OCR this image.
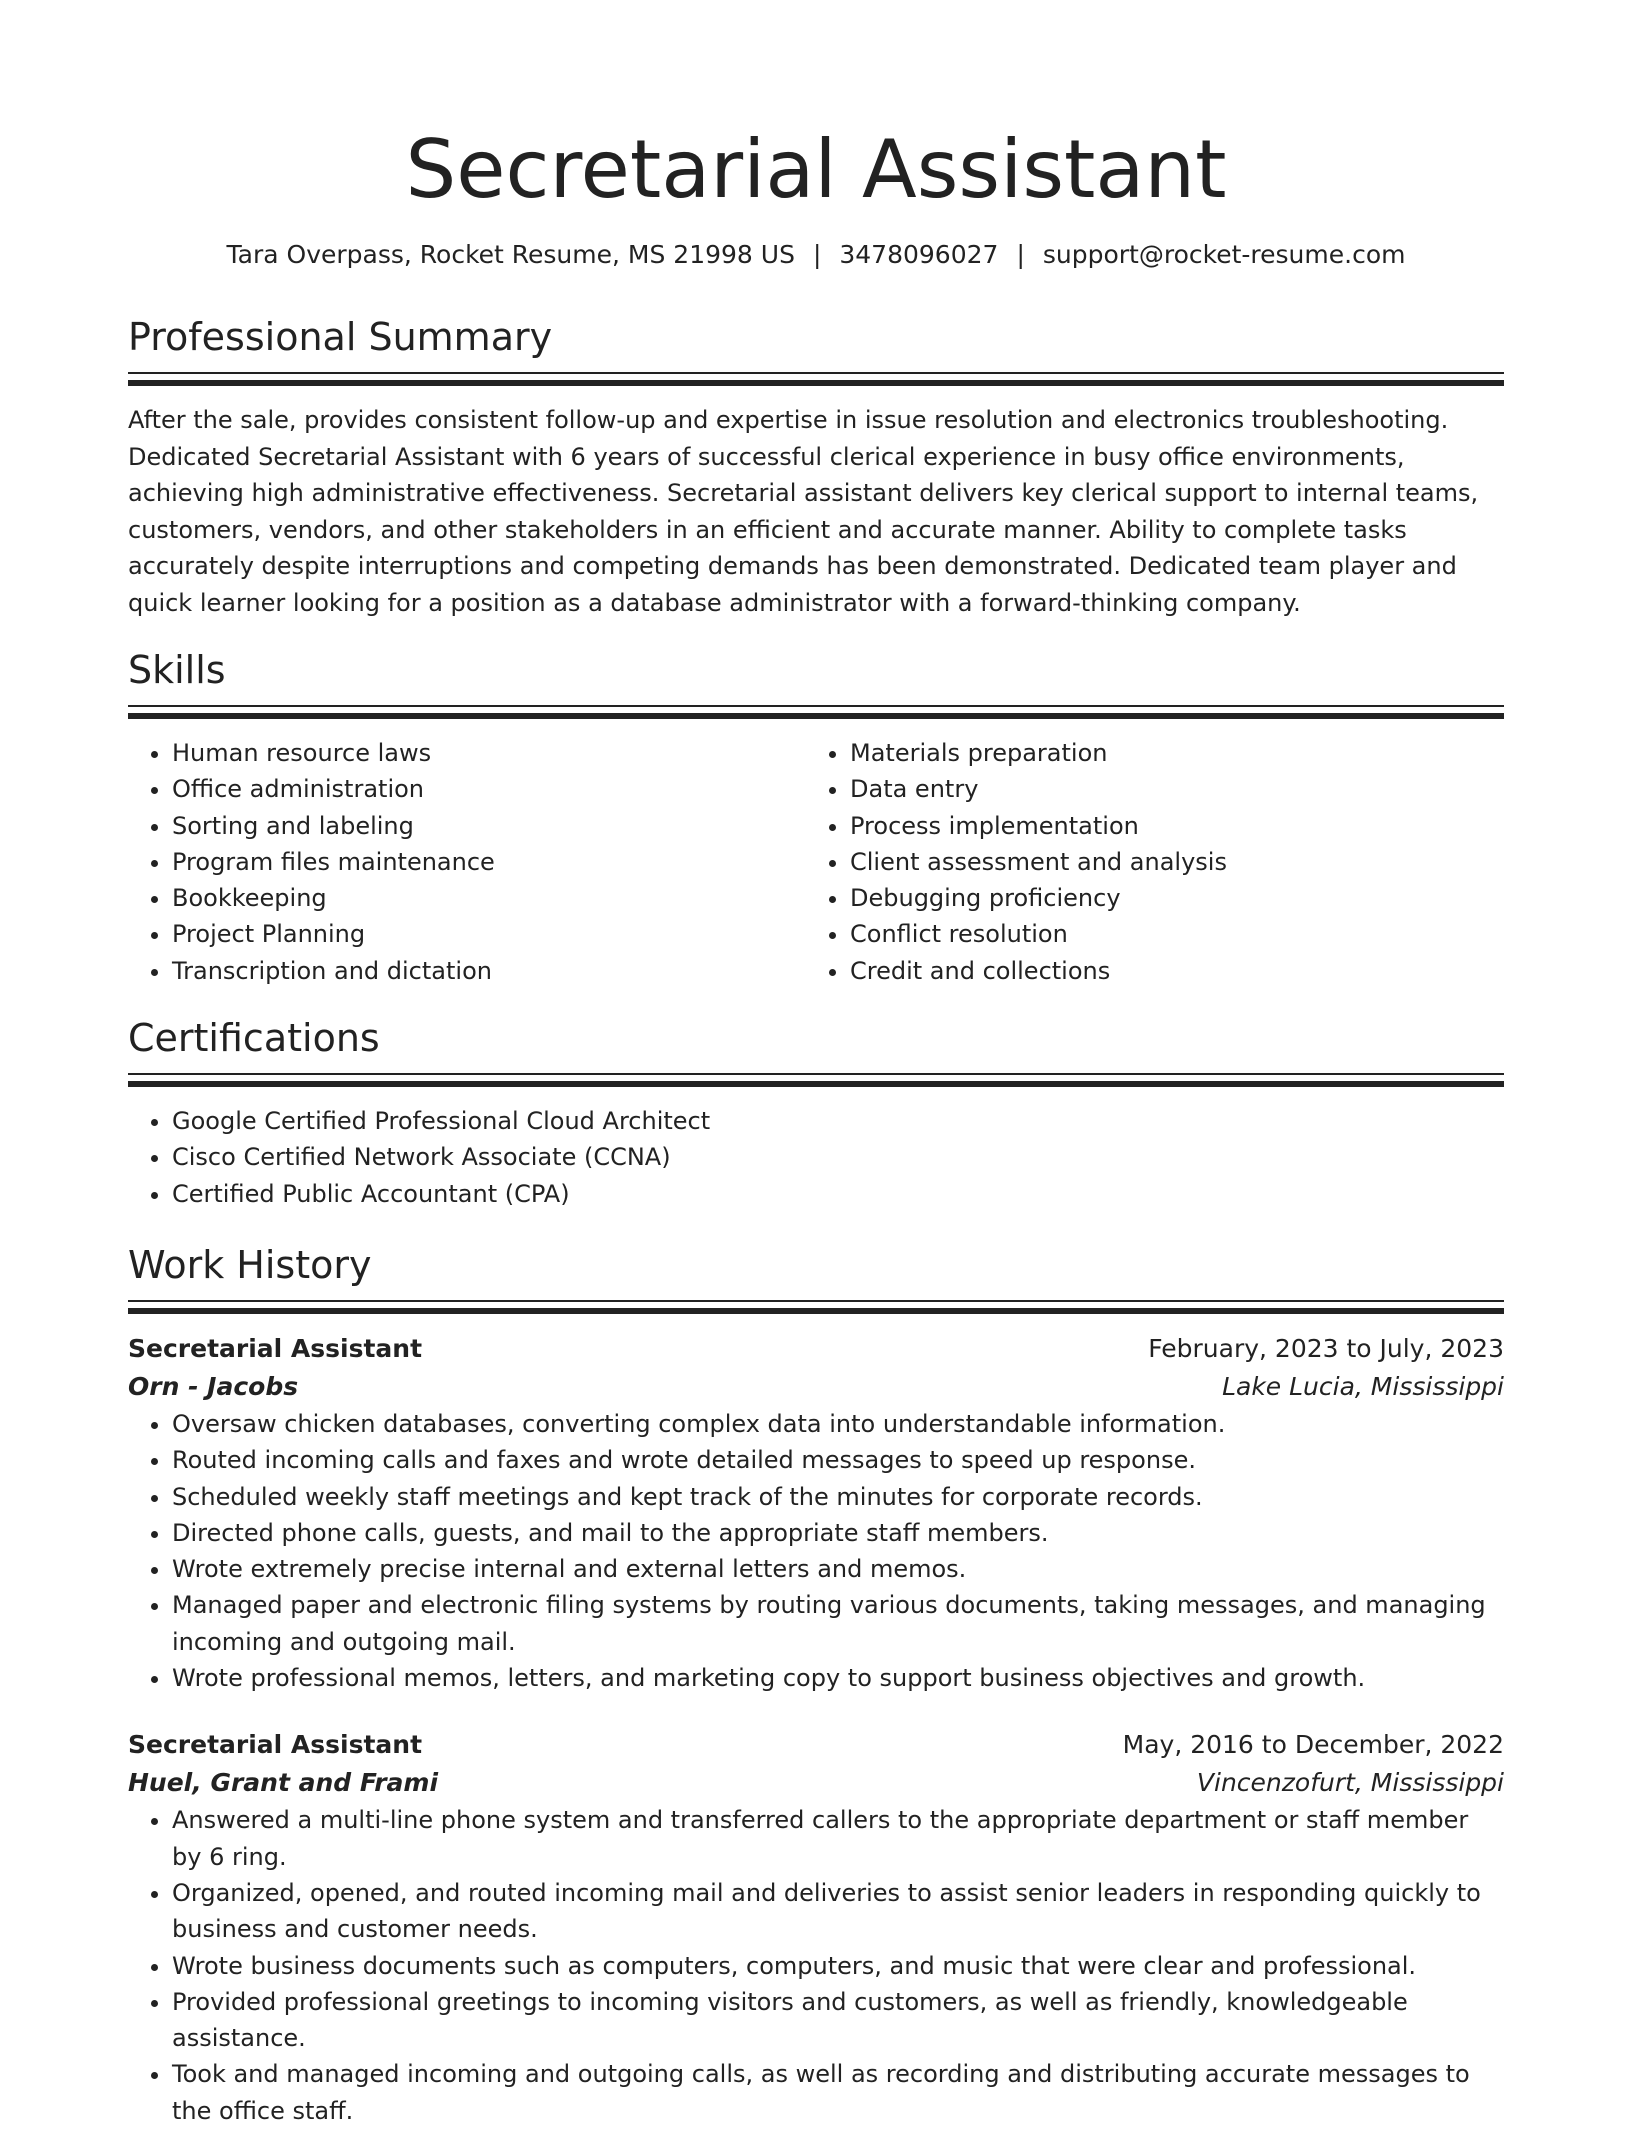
Secretarial Assistant
Tara Overpass, Rocket Resume, MS 21998 US | 3478096027 | support@rocket-resume.com
Professional Summary
After the sale, provides consistent follow-up and expertise in issue resolution and electronics troubleshooting. Dedicated Secretarial Assistant with 6 years of successful clerical experience in busy office environments, achieving high administrative effectiveness. Secretarial assistant delivers key clerical support to internal teams, customers, vendors, and other stakeholders in an efficient and accurate manner. Ability to complete tasks accurately despite interruptions and competing demands has been demonstrated. Dedicated team player and quick learner looking for a position as a database administrator with a forward-thinking company.
Skills
• Human resource laws
• Office administration
• Sorting and labeling
• Program files maintenance
• Bookkeeping
• Project Planning
• Transcription and dictation
• Materials preparation
• Data entry
• Process implementation
• Client assessment and analysis
• Debugging proficiency
• Conflict resolution
• Credit and collections
Certifications
• Google Certified Professional Cloud Architect
• Cisco Certified Network Associate (CCNA)
• Certified Public Accountant (CPA)
Work History
Secretarial Assistant	February, 2023 to July, 2023
Orn - Jacobs	Lake Lucia, Mississippi
• Oversaw chicken databases, converting complex data into understandable information.
• Routed incoming calls and faxes and wrote detailed messages to speed up response.
• Scheduled weekly staff meetings and kept track of the minutes for corporate records.
• Directed phone calls, guests, and mail to the appropriate staff members.
• Wrote extremely precise internal and external letters and memos.
• Managed paper and electronic filing systems by routing various documents, taking messages, and managing incoming and outgoing mail.
• Wrote professional memos, letters, and marketing copy to support business objectives and growth.
Secretarial Assistant	May, 2016 to December, 2022
Huel, Grant and Frami	Vincenzofurt, Mississippi
• Answered a multi-line phone system and transferred callers to the appropriate department or staff member by 6 ring.
• Organized, opened, and routed incoming mail and deliveries to assist senior leaders in responding quickly to business and customer needs.
• Wrote business documents such as computers, computers, and music that were clear and professional.
• Provided professional greetings to incoming visitors and customers, as well as friendly, knowledgeable assistance.
• Took and managed incoming and outgoing calls, as well as recording and distributing accurate messages to the office staff.
